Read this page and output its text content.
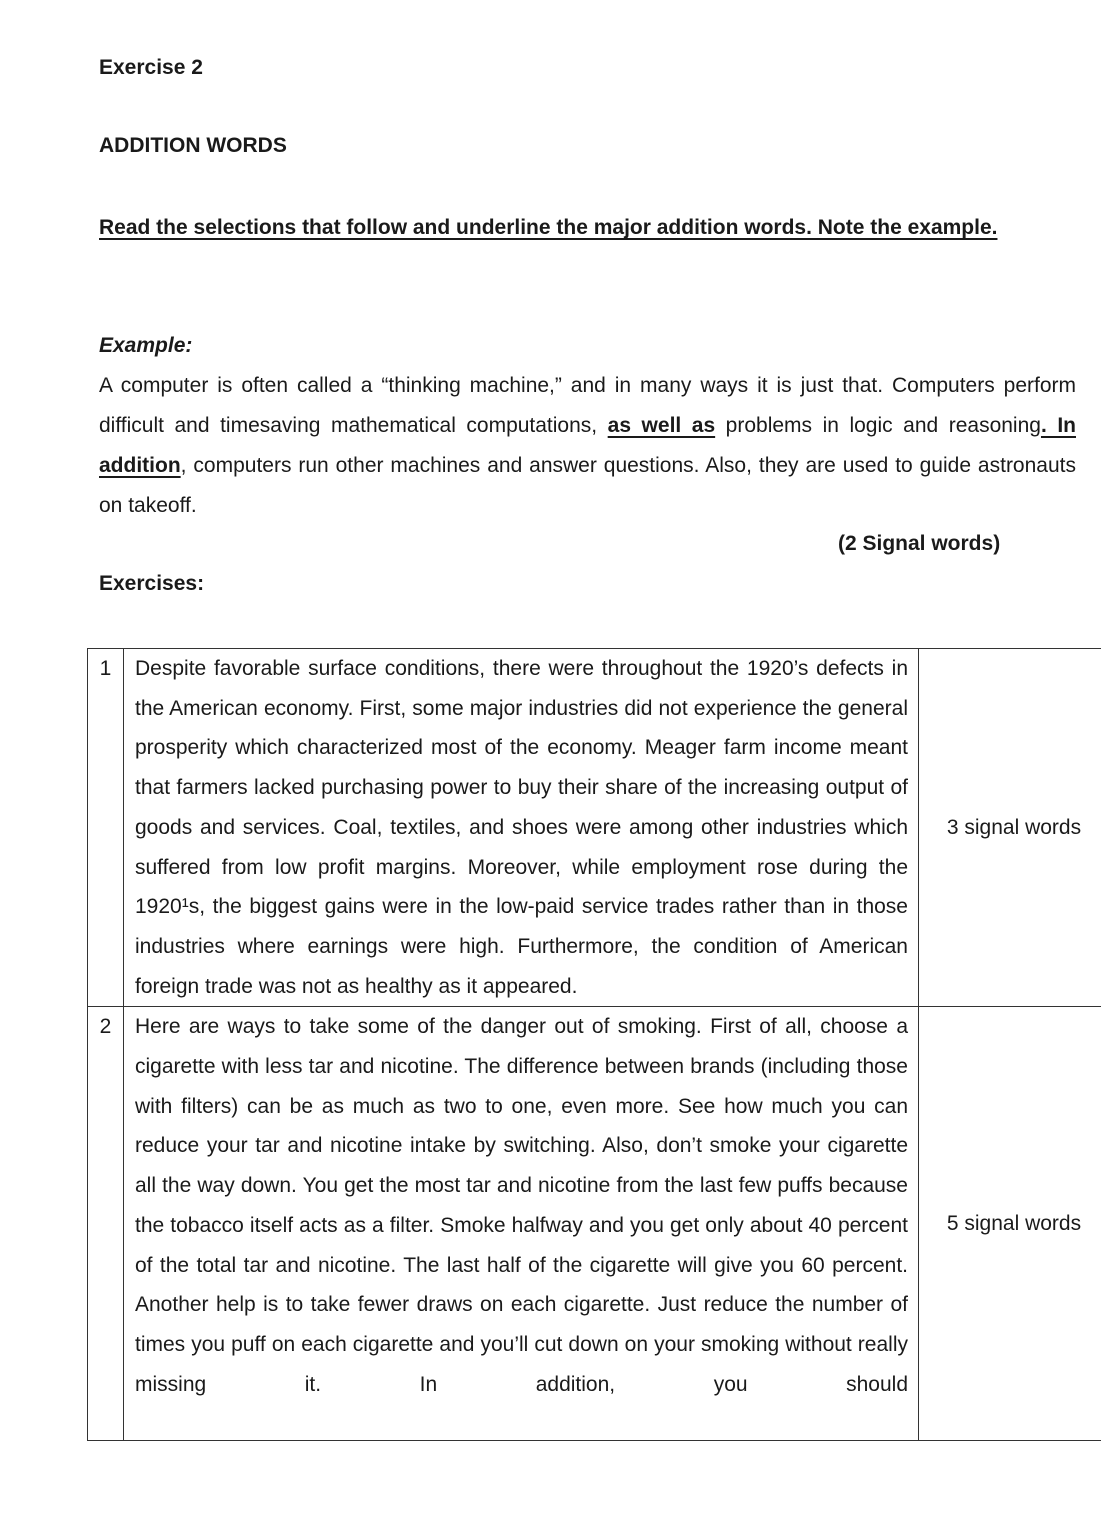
Exercise 2
ADDITION WORDS

Read the selections that follow and underline the major addition words. Note the example.

Example:

A computer is often called a “thinking machine,” and in many ways it is just that. Computers perform difficult and timesaving mathematical computations, as well as problems in logic and reasoning. In addition, computers run other machines and answer questions. Also, they are used to guide astronauts on takeoff.

(2 Signal words)

Exercises:

1	Despite favorable surface conditions, there were throughout the 1920’s defects in the American economy. First, some major industries did not experience the general prosperity which characterized most of the economy. Meager farm income meant that farmers lacked purchasing power to buy their share of the increasing output of goods and services. Coal, textiles, and shoes were among other industries which suffered from low profit margins. Moreover, while employment rose during the 1920¹s, the biggest gains were in the low-paid service trades rather than in those industries where earnings were high. Furthermore, the condition of American foreign trade was not as healthy as it appeared.	3 signal words
2	Here are ways to take some of the danger out of smoking. First of all, choose a cigarette with less tar and nicotine. The difference between brands (including those with filters) can be as much as two to one, even more. See how much you can reduce your tar and nicotine intake by switching. Also, don’t smoke your cigarette all the way down. You get the most tar and nicotine from the last few puffs because the tobacco itself acts as a filter. Smoke halfway and you get only about 40 percent of the total tar and nicotine. The last half of the cigarette will give you 60 percent. Another help is to take fewer draws on each cigarette. Just reduce the number of times you puff on each cigarette and you’ll cut down on your smoking without really missing it. In addition, you should	5 signal words
